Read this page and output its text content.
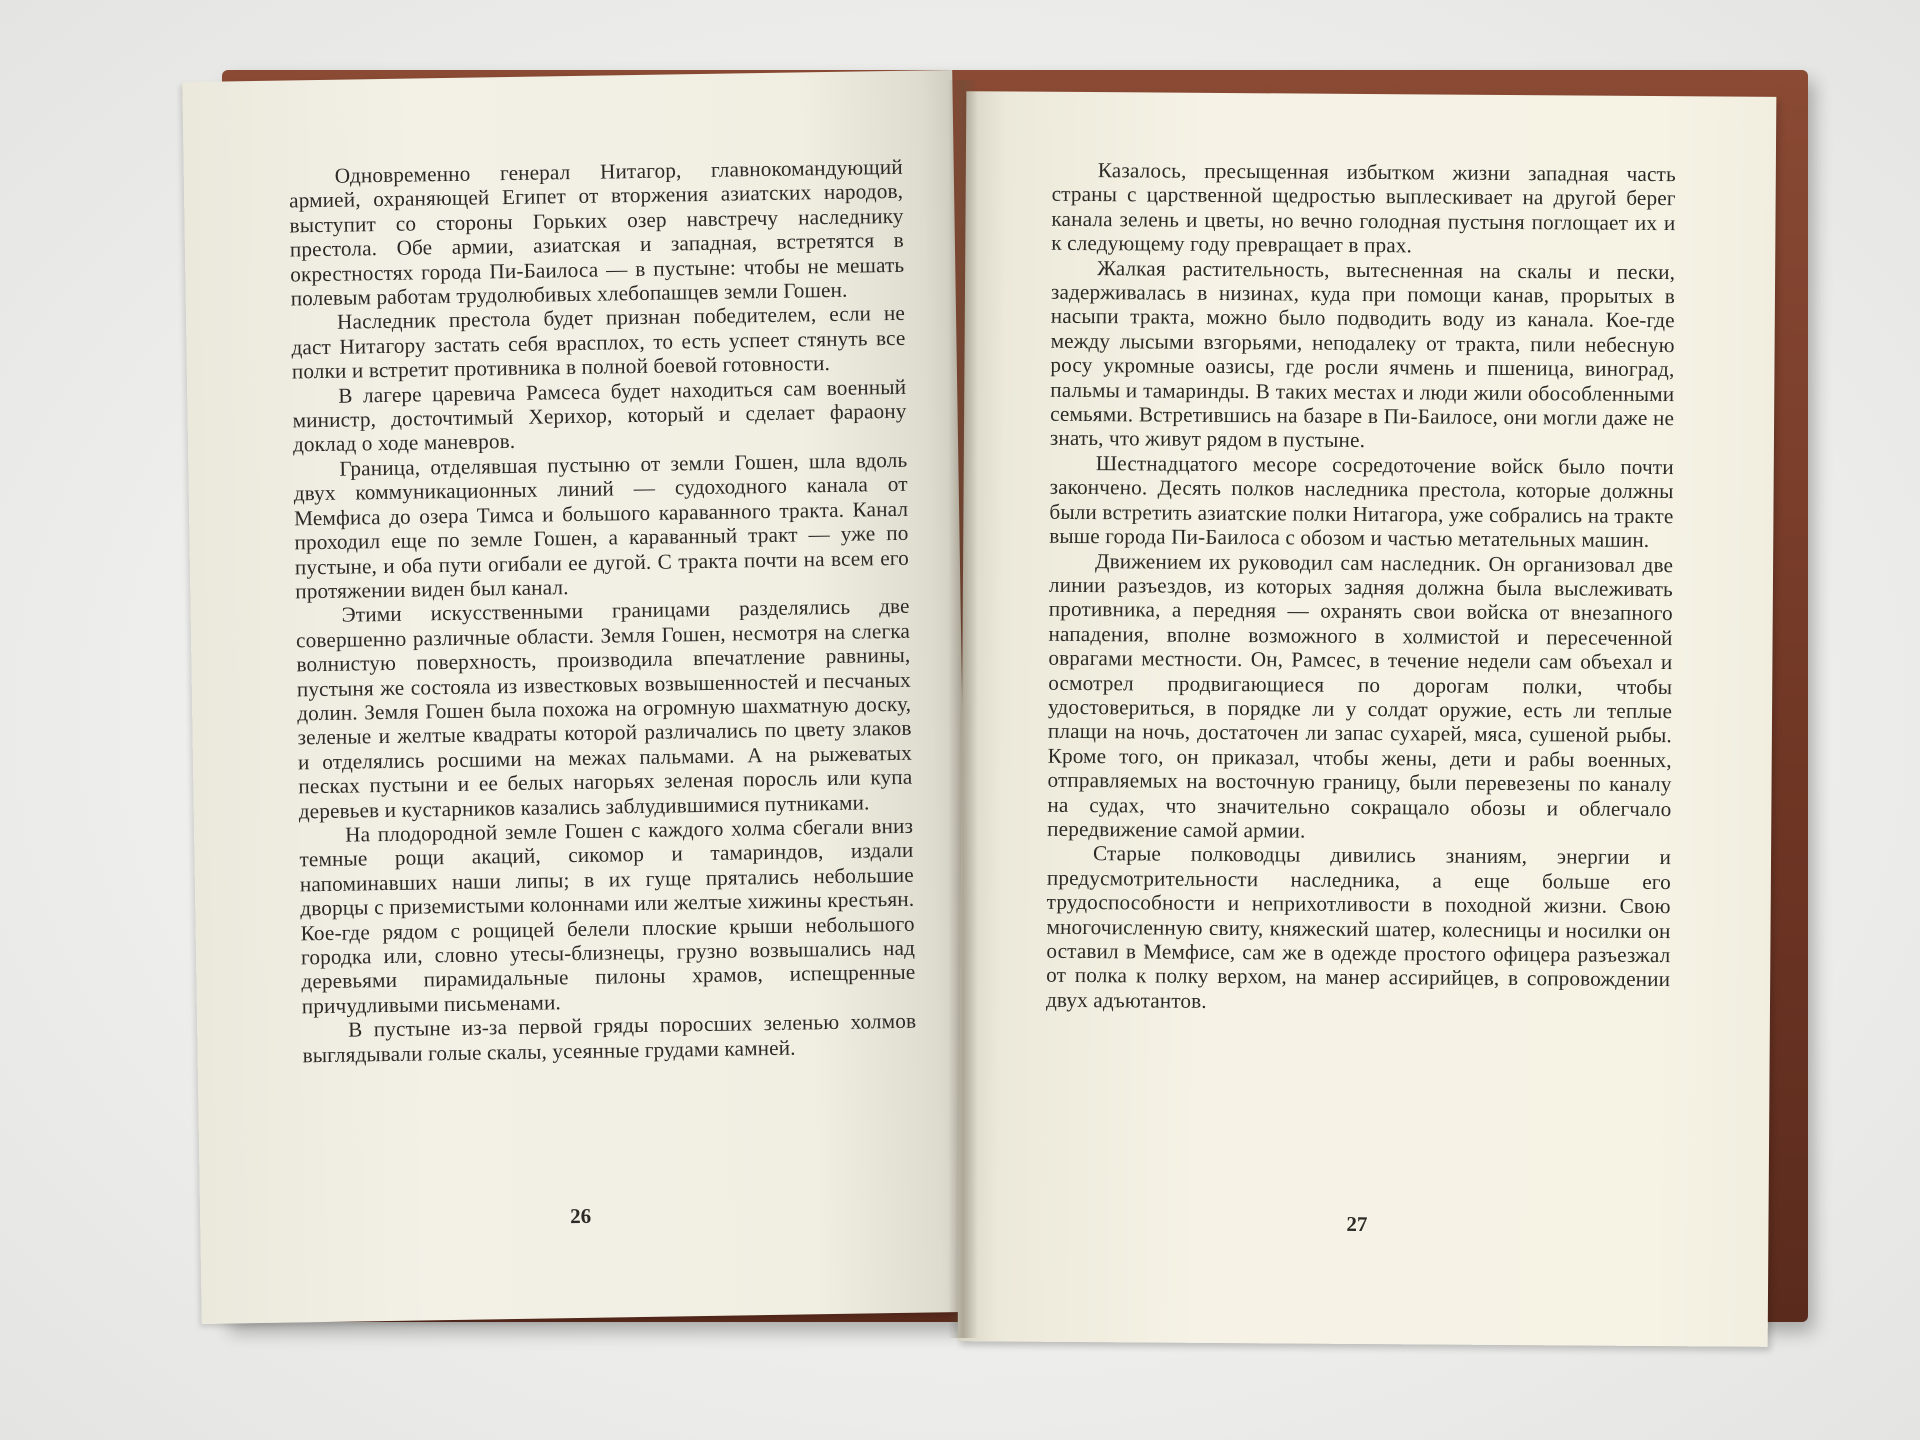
Одновременно генерал Нитагор, главнокомандующий армией, охраняющей Египет от вторжения азиатских народов, выступит со стороны Горьких озер навстречу наследнику престола. Обе армии, азиатская и западная, встретятся в окрестностях города Пи-Баилоса — в пустыне: чтобы не мешать полевым работам трудолюбивых хлебопашцев земли Гошен.

Наследник престола будет признан победителем, если не даст Нитагору застать себя врасплох, то есть успеет стянуть все полки и встретит противника в полной боевой готовности.

В лагере царевича Рамсеса будет находиться сам военный министр, досточтимый Херихор, который и сделает фараону доклад о ходе маневров.

Граница, отделявшая пустыню от земли Гошен, шла вдоль двух коммуникационных линий — судоходного канала от Мемфиса до озера Тимса и большого караванного тракта. Канал проходил еще по земле Гошен, а караванный тракт — уже по пустыне, и оба пути огибали ее дугой. С тракта почти на всем его протяжении виден был канал.

Этими искусственными границами разделялись две совершенно различные области. Земля Гошен, несмотря на слегка волнистую поверхность, производила впечатление равнины, пустыня же состояла из известковых возвышенностей и песчаных долин. Земля Гошен была похожа на огромную шахматную доску, зеленые и желтые квадраты которой различались по цвету злаков и отделялись росшими на межах пальмами. А на рыжеватых песках пустыни и ее белых нагорьях зеленая поросль или купа деревьев и кустарников казались заблудившимися путниками.

На плодородной земле Гошен с каждого холма сбегали вниз темные рощи акаций, сикомор и тамариндов, издали напоминавших наши липы; в их гуще прятались небольшие дворцы с приземистыми колоннами или желтые хижины крестьян. Кое-где рядом с рощицей белели плоские крыши небольшого городка или, словно утесы-близнецы, грузно возвышались над деревьями пирамидальные пилоны храмов, испещренные причудливыми письменами.

В пустыне из-за первой гряды поросших зеленью холмов выглядывали голые скалы, усеянные грудами камней.

26

Казалось, пресыщенная избытком жизни западная часть страны с царственной щедростью выплескивает на другой берег канала зелень и цветы, но вечно голодная пустыня поглощает их и к следующему году превращает в прах.

Жалкая растительность, вытесненная на скалы и пески, задерживалась в низинах, куда при помощи канав, прорытых в насыпи тракта, можно было подводить воду из канала. Кое-где между лысыми взгорьями, неподалеку от тракта, пили небесную росу укромные оазисы, где росли ячмень и пшеница, виноград, пальмы и тамаринды. В таких местах и люди жили обособленными семьями. Встретившись на базаре в Пи-Баилосе, они могли даже не знать, что живут рядом в пустыне.

Шестнадцатого месоре сосредоточение войск было почти закончено. Десять полков наследника престола, которые должны были встретить азиатские полки Нитагора, уже собрались на тракте выше города Пи-Баилоса с обозом и частью метательных машин.

Движением их руководил сам наследник. Он организовал две линии разъездов, из которых задняя должна была выслеживать противника, а передняя — охранять свои войска от внезапного нападения, вполне возможного в холмистой и пересеченной оврагами местности. Он, Рамсес, в течение недели сам объехал и осмотрел продвигающиеся по дорогам полки, чтобы удостовериться, в порядке ли у солдат оружие, есть ли теплые плащи на ночь, достаточен ли запас сухарей, мяса, сушеной рыбы. Кроме того, он приказал, чтобы жены, дети и рабы военных, отправляемых на восточную границу, были перевезены по каналу на судах, что значительно сокращало обозы и облегчало передвижение самой армии.

Старые полководцы дивились знаниям, энергии и предусмотрительности наследника, а еще больше его трудоспособности и неприхотливости в походной жизни. Свою многочисленную свиту, княжеский шатер, колесницы и носилки он оставил в Мемфисе, сам же в одежде простого офицера разъезжал от полка к полку верхом, на манер ассирийцев, в сопровождении двух адъютантов.

27
